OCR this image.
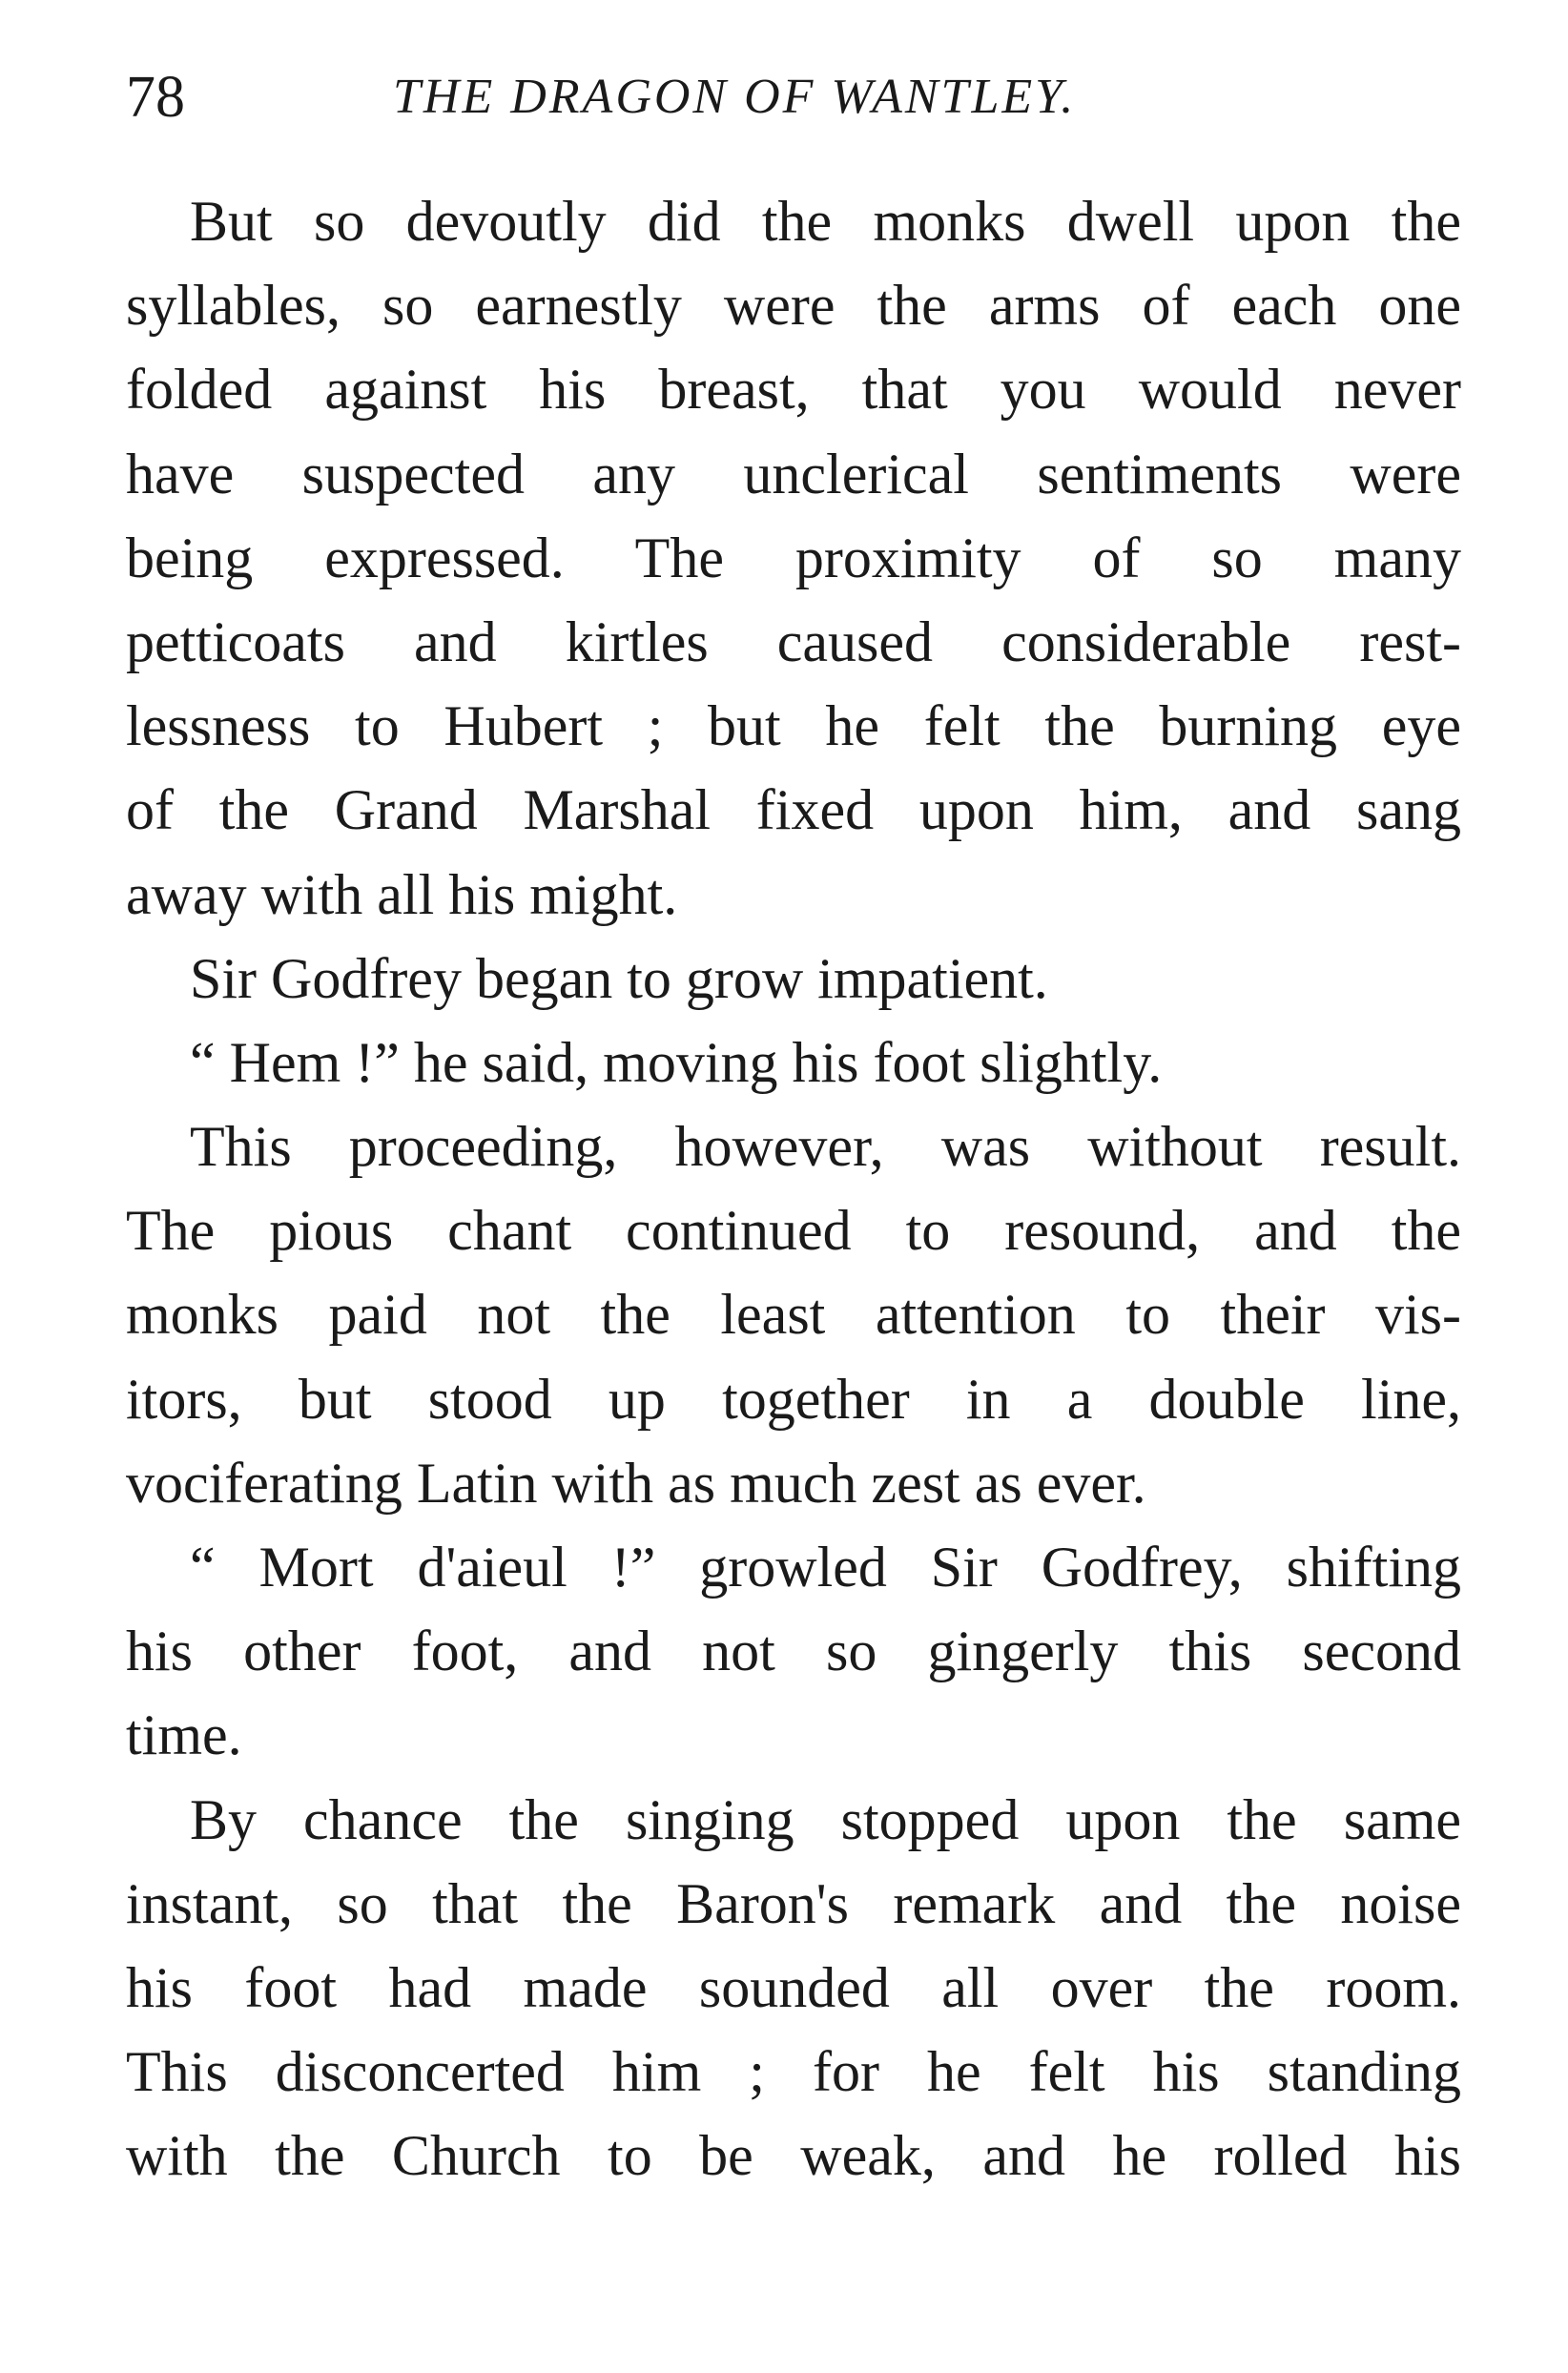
78	THE DRAGON OF WANTLEY.
But so devoutly did the monks dwell upon the
syllables, so earnestly were the arms of each one
folded against his breast, that you would never
have suspected any unclerical sentiments were
being expressed. The proximity of so many
petticoats and kirtles caused considerable rest-
lessness to Hubert ; but he felt the burning eye
of the Grand Marshal fixed upon him, and sang
away with all his might.
Sir Godfrey began to grow impatient.
“ Hem !” he said, moving his foot slightly.
This proceeding, however, was without result.
The pious chant continued to resound, and the
monks paid not the least attention to their vis-
itors, but stood up together in a double line,
vociferating Latin with as much zest as ever.
“ Mort d'aieul !” growled Sir Godfrey, shifting
his other foot, and not so gingerly this second
time.
By chance the singing stopped upon the same
instant, so that the Baron's remark and the noise
his foot had made sounded all over the room.
This disconcerted him ; for he felt his standing
with the Church to be weak, and he rolled his
